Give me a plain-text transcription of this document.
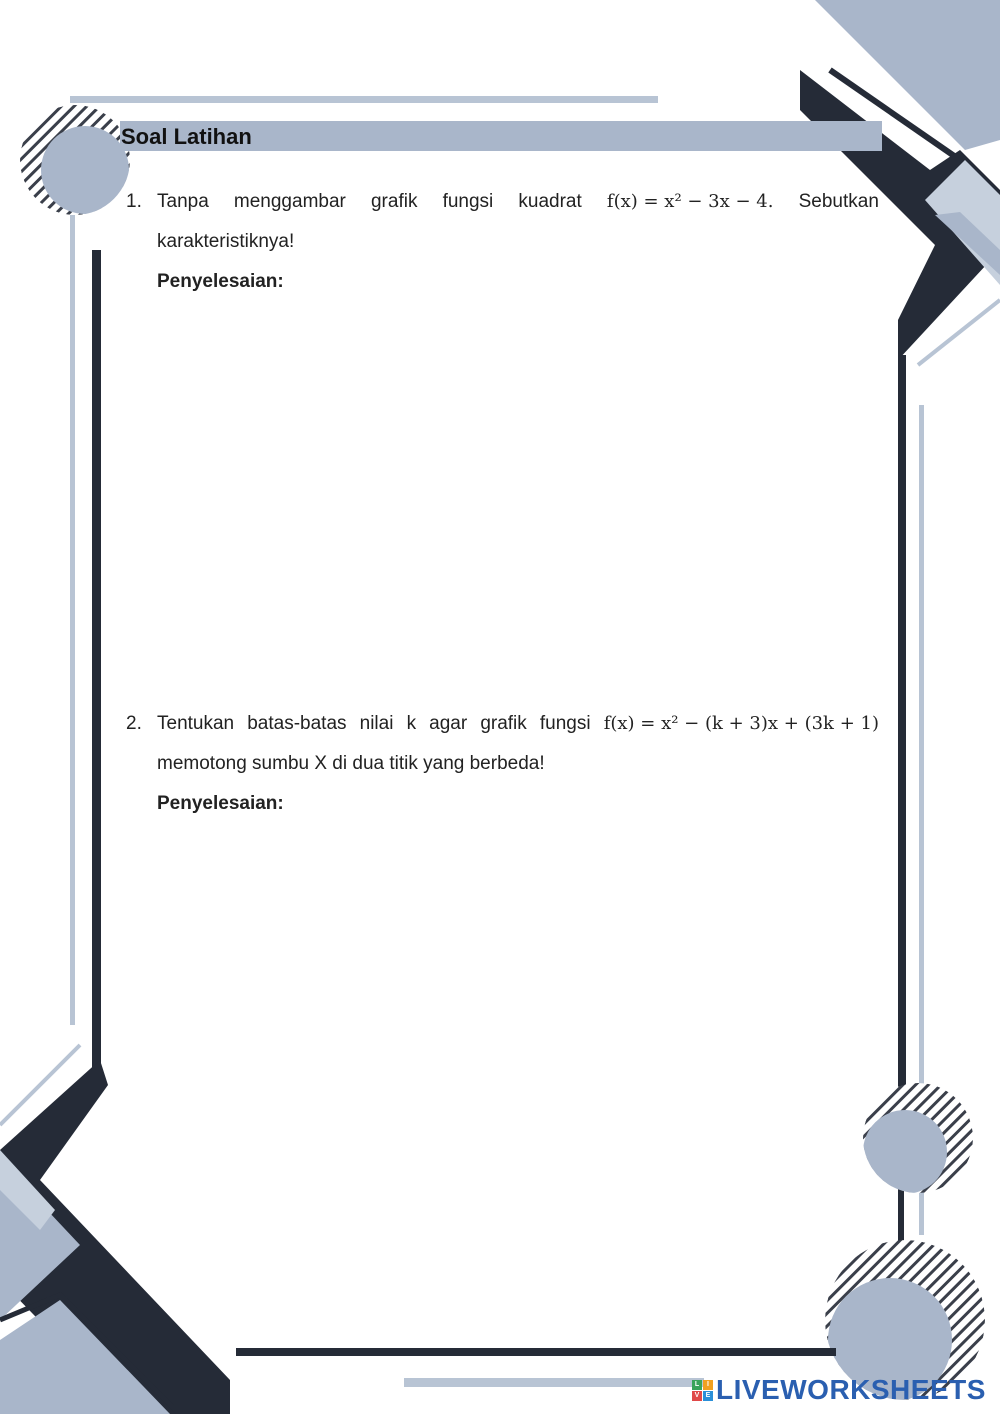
Soal Latihan
1. Tanpa menggambar grafik fungsi kuadrat f(x) = x² − 3x − 4. Sebutkan
karakteristiknya!
Penyelesaian:
2. Tentukan batas-batas nilai k agar grafik fungsi f(x) = x² − (k + 3)x + (3k + 1)
memotong sumbu X di dua titik yang berbeda!
Penyelesaian:
L	I
V E LIVEWORKSHEETS
